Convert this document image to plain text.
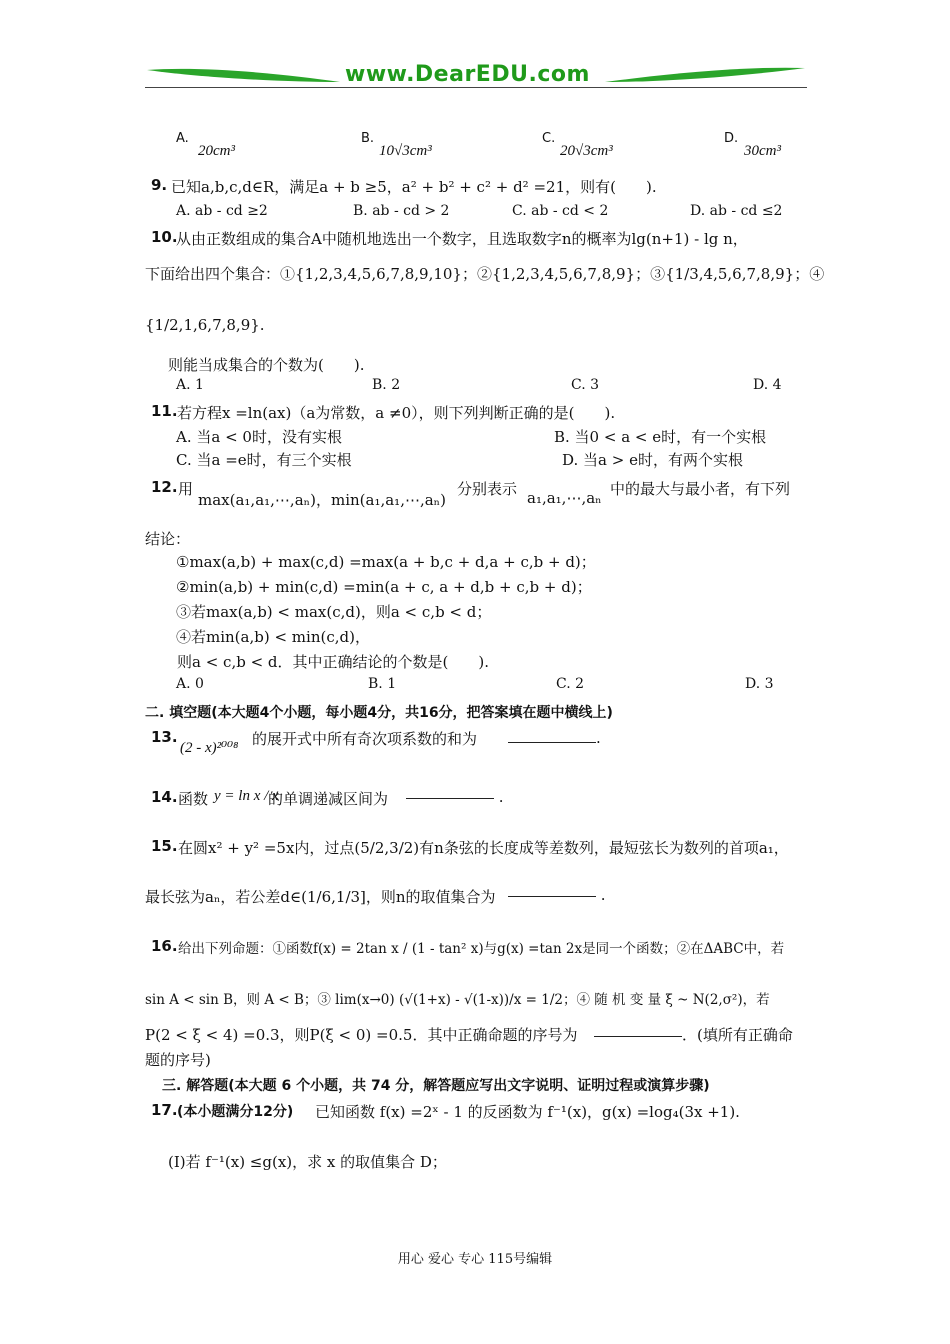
www.DearEDU.com
A.
20cm³
B.
10√3cm³
C.
20√3cm³
D.
30cm³
9. 已知a,b,c,d∈R，满足a + b ≥5，a² + b² + c² + d² =21，则有(　　).
A. ab - cd ≥2	B. ab - cd > 2	C. ab - cd < 2	D. ab - cd ≤2
10.
从由正数组成的集合A中随机地选出一个数字，且选取数字n的概率为lg(n+1) - lg n，
下面给出四个集合：①{1,2,3,4,5,6,7,8,9,10}；②{1,2,3,4,5,6,7,8,9}；③{1/3,4,5,6,7,8,9}；④
{1/2,1,6,7,8,9}.
则能当成集合的个数为(　　).
A. 1	B. 2	C. 3	D. 4
11. 若方程x =ln(ax)（a为常数，a ≠0），则下列判断正确的是(　　).
A. 当a < 0时，没有实根	B. 当0 < a < e时，有一个实根
C. 当a =e时，有三个实根	D. 当a > e时，有两个实根
12. 用
max(a₁,a₁,⋯,aₙ)，min(a₁,a₁,⋯,aₙ)
分别表示 a₁,a₁,⋯,aₙ 中的最大与最小者，有下列
结论：
①max(a,b) + max(c,d) =max(a + b,c + d,a + c,b + d)；
②min(a,b) + min(c,d) =min(a + c, a + d,b + c,b + d)；
③若max(a,b) < max(c,d)，则a < c,b < d；
④若min(a,b) < min(c,d)，
则a < c,b < d．其中正确结论的个数是(　　).
A. 0	B. 1	C. 2	D. 3
二. 填空题(本大题4个小题，每小题4分，共16分，把答案填在题中横线上)
13.
(2 - x)²⁰⁰⁸ 的展开式中所有奇次项系数的和为	.
14. 函数 y = ln x / x
的单调递减区间为	.
15. 在圆x² + y² =5x内，过点(5/2,3/2)有n条弦的长度成等差数列，最短弦长为数列的首项a₁，
最长弦为aₙ，若公差d∈(1/6,1/3]，则n的取值集合为	.
16. 给出下列命题：①函数f(x) = 2tan x / (1 - tan² x)与g(x) =tan 2x是同一个函数；②在ΔABC中，若
sin A < sin B，则 A < B；③ lim(x→0) (√(1+x) - √(1-x))/x = 1/2；④ 随 机 变 量 ξ ~ N(2,σ²)，若
P(2 < ξ < 4) =0.3，则P(ξ < 0) =0.5．其中正确命题的序号为	．(填所有正确命
题的序号)
三. 解答题(本大题 6 个小题，共 74 分，解答题应写出文字说明、证明过程或演算步骤)
17. (本小题满分12分) 已知函数 f(x) =2ˣ - 1 的反函数为 f⁻¹(x)，g(x) =log₄(3x +1).
(Ⅰ)若 f⁻¹(x) ≤g(x)，求 x 的取值集合 D；
用心 爱心 专心 115号编辑
